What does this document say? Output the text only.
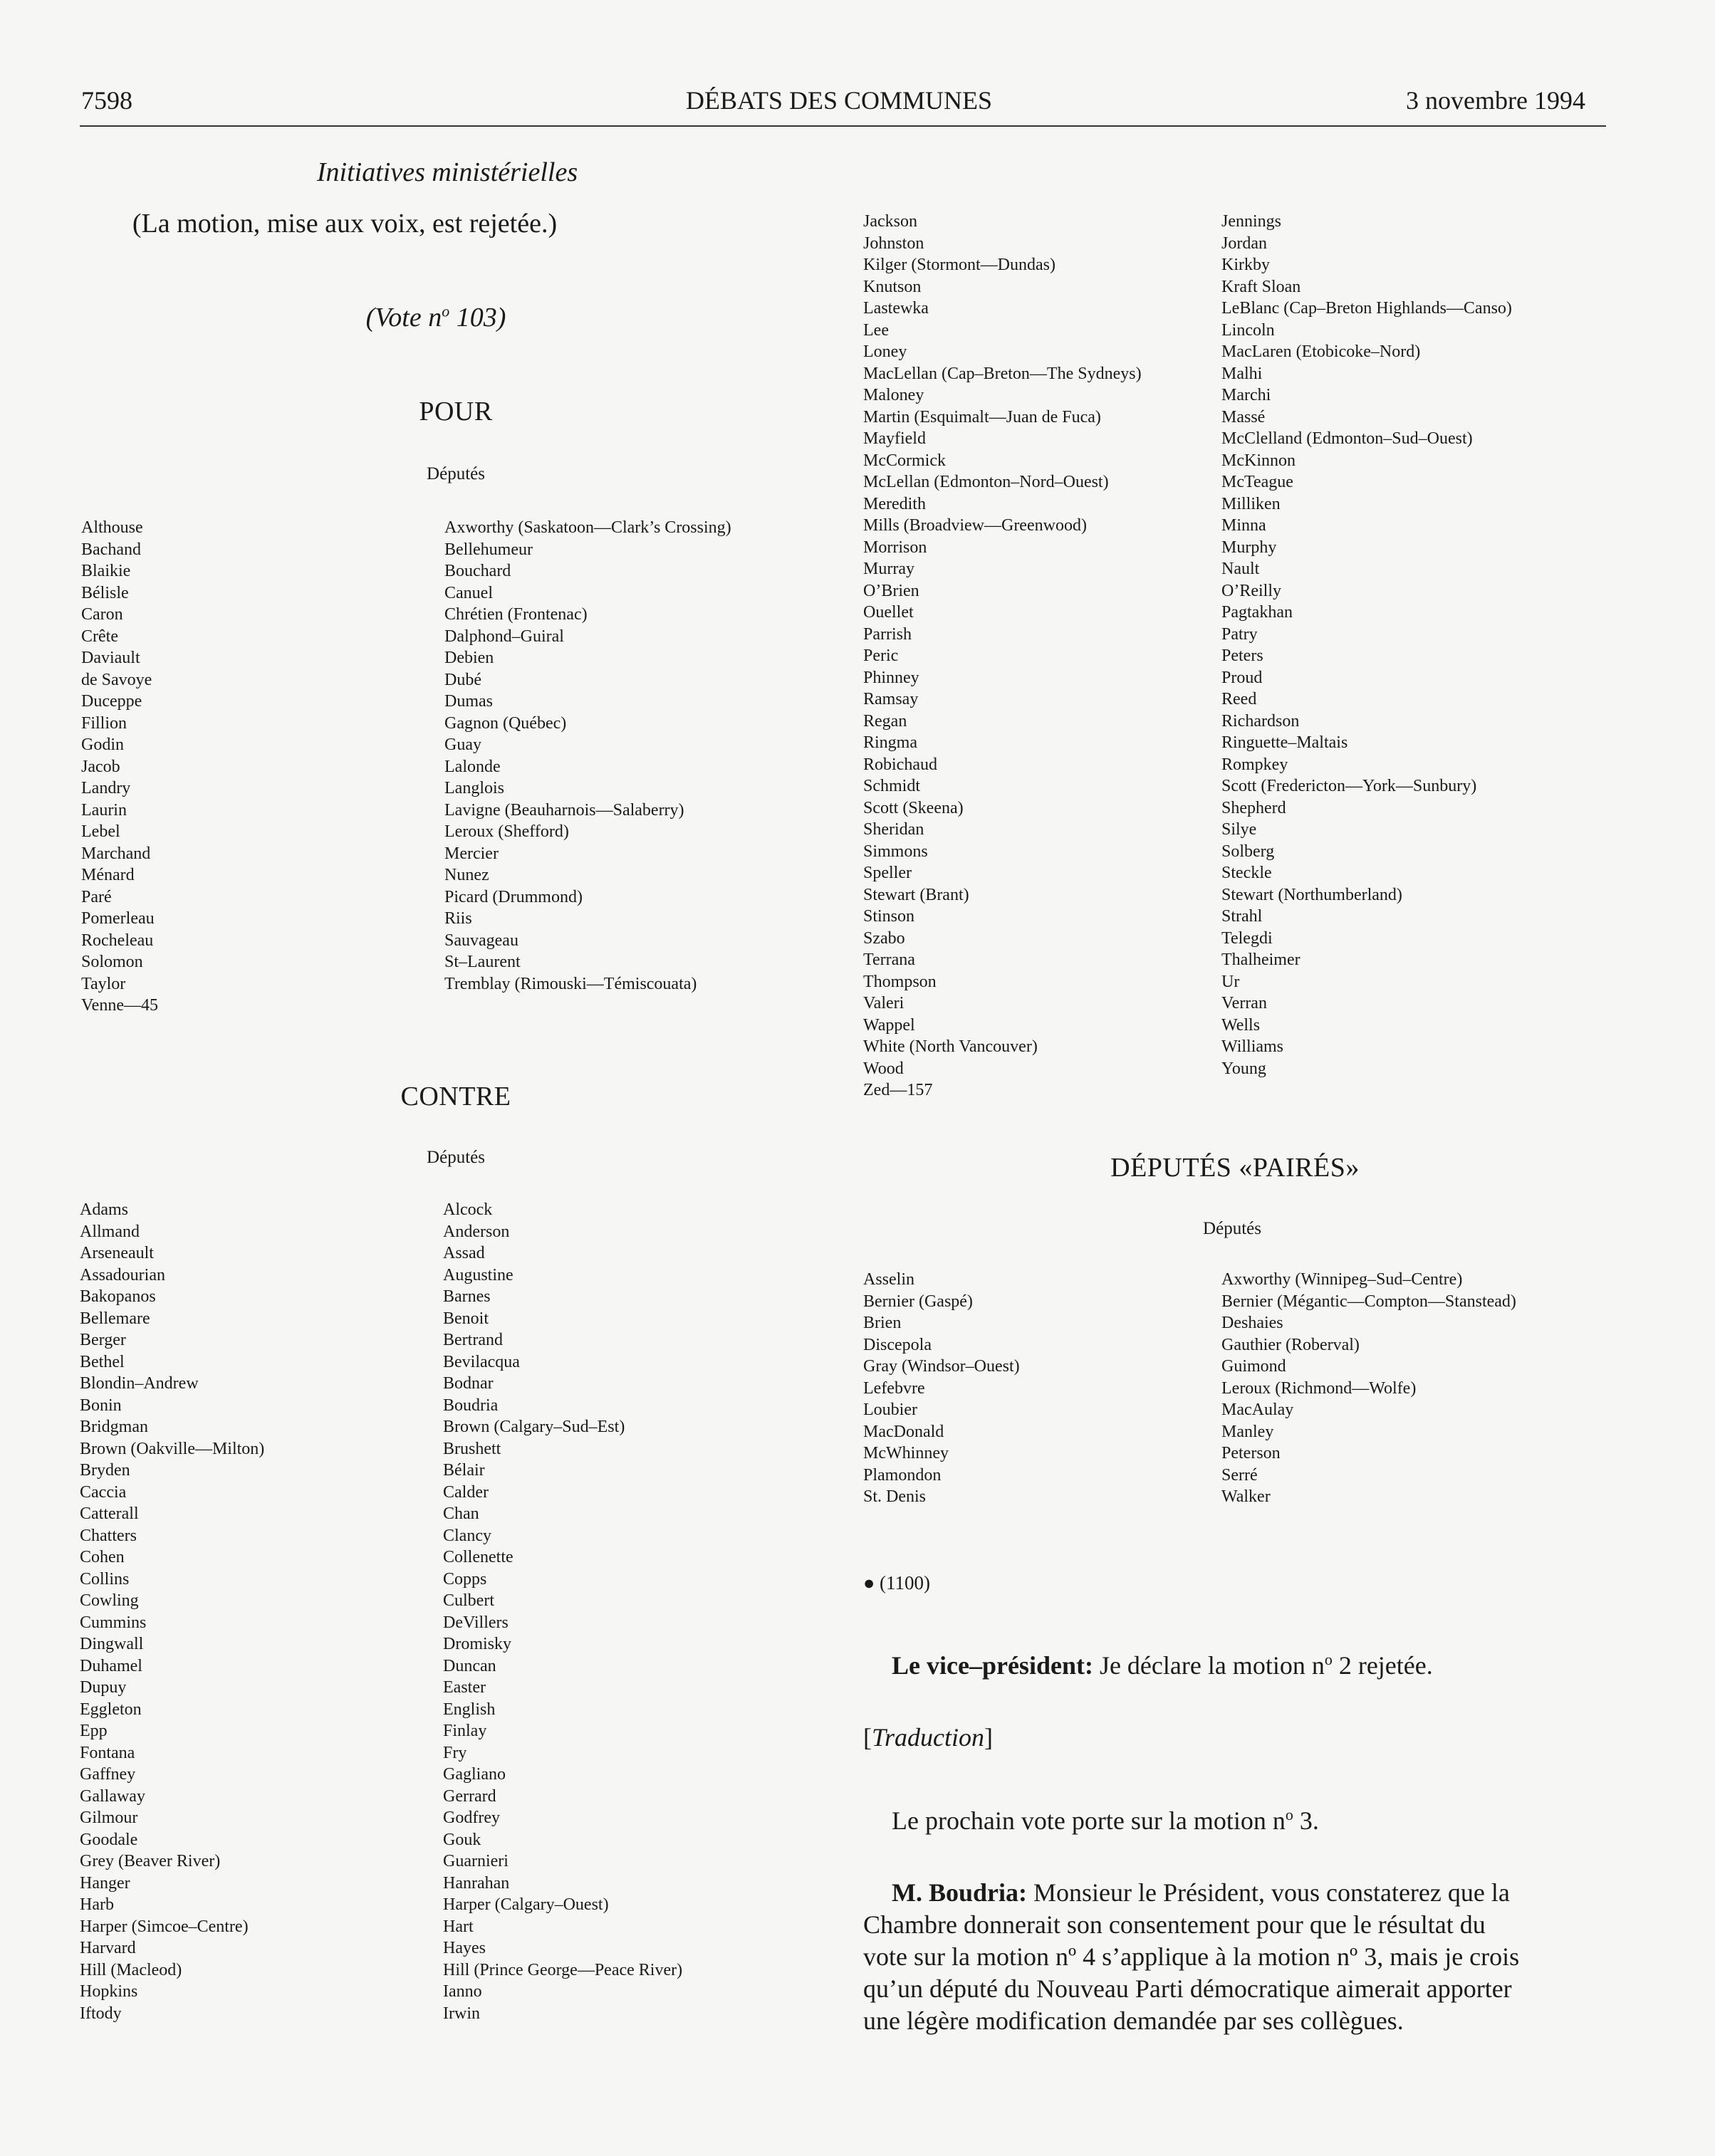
7598	DÉBATS DES COMMUNES	3 novembre 1994
Initiatives ministérielles
(La motion, mise aux voix, est rejetée.)
(Vote $n^o$ 103)
POUR
Députés
Althouse
Bachand
Blaikie
Bélisle
Caron
Crête
Daviault
de Savoye
Duceppe
Fillion
Godin
Jacob
Landry
Laurin
Lebel
Marchand
Ménard
Paré
Pomerleau
Rocheleau
Solomon
Taylor
Venne—45
Axworthy (Saskatoon—Clark’s Crossing)
Bellehumeur
Bouchard
Canuel
Chrétien (Frontenac)
Dalphond–Guiral
Debien
Dubé
Dumas
Gagnon (Québec)
Guay
Lalonde
Langlois
Lavigne (Beauharnois—Salaberry)
Leroux (Shefford)
Mercier
Nunez
Picard (Drummond)
Riis
Sauvageau
St–Laurent
Tremblay (Rimouski—Témiscouata)
CONTRE
Députés
Adams
Allmand
Arseneault
Assadourian
Bakopanos
Bellemare
Berger
Bethel
Blondin–Andrew
Bonin
Bridgman
Brown (Oakville—Milton)
Bryden
Caccia
Catterall
Chatters
Cohen
Collins
Cowling
Cummins
Dingwall
Duhamel
Dupuy
Eggleton
Epp
Fontana
Gaffney
Gallaway
Gilmour
Goodale
Grey (Beaver River)
Hanger
Harb
Harper (Simcoe–Centre)
Harvard
Hill (Macleod)
Hopkins
Iftody
Alcock
Anderson
Assad
Augustine
Barnes
Benoit
Bertrand
Bevilacqua
Bodnar
Boudria
Brown (Calgary–Sud–Est)
Brushett
Bélair
Calder
Chan
Clancy
Collenette
Copps
Culbert
DeVillers
Dromisky
Duncan
Easter
English
Finlay
Fry
Gagliano
Gerrard
Godfrey
Gouk
Guarnieri
Hanrahan
Harper (Calgary–Ouest)
Hart
Hayes
Hill (Prince George—Peace River)
Ianno
Irwin
Jackson
Johnston
Kilger (Stormont—Dundas)
Knutson
Lastewka
Lee
Loney
MacLellan (Cap–Breton—The Sydneys)
Maloney
Martin (Esquimalt—Juan de Fuca)
Mayfield
McCormick
McLellan (Edmonton–Nord–Ouest)
Meredith
Mills (Broadview—Greenwood)
Morrison
Murray
O’Brien
Ouellet
Parrish
Peric
Phinney
Ramsay
Regan
Ringma
Robichaud
Schmidt
Scott (Skeena)
Sheridan
Simmons
Speller
Stewart (Brant)
Stinson
Szabo
Terrana
Thompson
Valeri
Wappel
White (North Vancouver)
Wood
Zed—157
Jennings
Jordan
Kirkby
Kraft Sloan
LeBlanc (Cap–Breton Highlands—Canso)
Lincoln
MacLaren (Etobicoke–Nord)
Malhi
Marchi
Massé
McClelland (Edmonton–Sud–Ouest)
McKinnon
McTeague
Milliken
Minna
Murphy
Nault
O’Reilly
Pagtakhan
Patry
Peters
Proud
Reed
Richardson
Ringuette–Maltais
Rompkey
Scott (Fredericton—York—Sunbury)
Shepherd
Silye
Solberg
Steckle
Stewart (Northumberland)
Strahl
Telegdi
Thalheimer
Ur
Verran
Wells
Williams
Young
DÉPUTÉS «PAIRÉS»
Députés
Asselin
Bernier (Gaspé)
Brien
Discepola
Gray (Windsor–Ouest)
Lefebvre
Loubier
MacDonald
McWhinney
Plamondon
St. Denis
Axworthy (Winnipeg–Sud–Centre)
Bernier (Mégantic—Compton—Stanstead)
Deshaies
Gauthier (Roberval)
Guimond
Leroux (Richmond—Wolfe)
MacAulay
Manley
Peterson
Serré
Walker
● (1100)
Le vice–président: Je déclare la motion $n^o$ 2 rejetée.
[Traduction]
Le prochain vote porte sur la motion $n^o$ 3.
M. Boudria: Monsieur le Président, vous constaterez que la
Chambre donnerait son consentement pour que le résultat du
vote sur la motion nº 4 s’applique à la motion nº 3, mais je crois
qu’un député du Nouveau Parti démocratique aimerait apporter
une légère modification demandée par ses collègues.
